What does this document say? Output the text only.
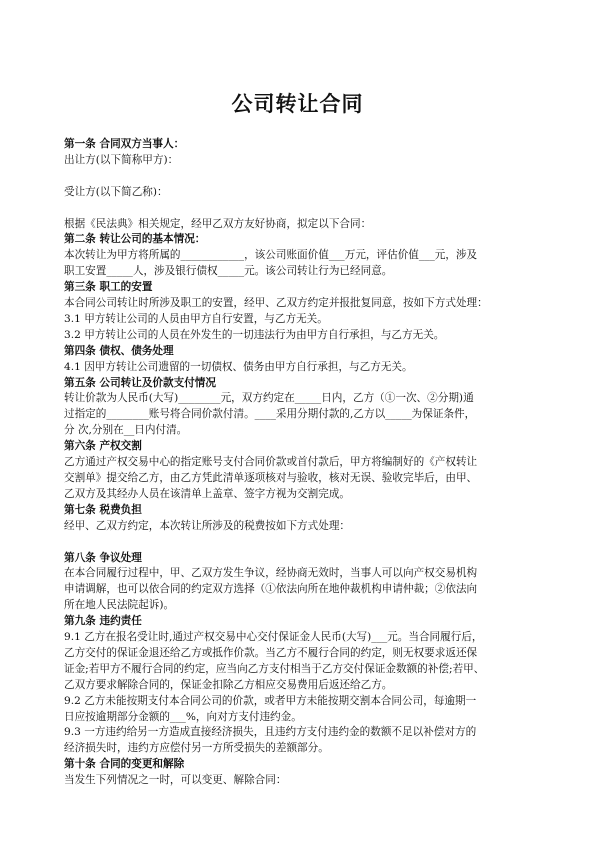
公司转让合同

第一条 合同双方当事人：

出让方(以下简称甲方)：

受让方(以下简乙称)：

根据《民法典》相关规定，经甲乙双方友好协商，拟定以下合同：

第二条 转让公司的基本情况：

本次转让为甲方将所属的____________，该公司账面价值___万元，评估价值___元，涉及

职工安置_____人，涉及银行债权_____元。该公司转让行为已经同意。

第三条 职工的安置

本合同公司转让时所涉及职工的安置，经甲、乙双方约定并报批复同意，按如下方式处理：

3.1 甲方转让公司的人员由甲方自行安置，与乙方无关。

3.2 甲方转让公司的人员在外发生的一切违法行为由甲方自行承担，与乙方无关。

第四条 债权、债务处理

4.1 因甲方转让公司遗留的一切债权、债务由甲方自行承担，与乙方无关。

第五条 公司转让及价款支付情况

转让价款为人民币(大写)________元，双方约定在_____日内，乙方（①一次、②分期)通

过指定的________账号将合同价款付清。____采用分期付款的,乙方以_____为保证条件，

分 次,分别在__日内付清。

第六条 产权交割

乙方通过产权交易中心的指定账号支付合同价款或首付款后，甲方将编制好的《产权转让

交割单》提交给乙方，由乙方凭此清单逐项核对与验收，核对无误、验收完毕后，由甲、

乙双方及其经办人员在该清单上盖章、签字方视为交割完成。

第七条 税费负担

经甲、乙双方约定，本次转让所涉及的税费按如下方式处理：

第八条 争议处理

在本合同履行过程中，甲、乙双方发生争议，经协商无效时，当事人可以向产权交易机构

申请调解，也可以依合同的约定双方选择（①依法向所在地仲裁机构申请仲裁；②依法向

所在地人民法院起诉)。

第九条 违约责任

9.1 乙方在报名受让时,通过产权交易中心交付保证金人民币(大写)___元。当合同履行后，

乙方交付的保证金退还给乙方或抵作价款。当乙方不履行合同的约定，则无权要求返还保

证金;若甲方不履行合同的约定，应当向乙方支付相当于乙方交付保证金数额的补偿;若甲、

乙双方要求解除合同的，保证金扣除乙方相应交易费用后返还给乙方。

9.2 乙方未能按期支付本合同公司的价款，或者甲方未能按期交割本合同公司，每逾期一

日应按逾期部分金额的___%，向对方支付违约金。

9.3 一方违约给另一方造成直接经济损失，且违约方支付违约金的数额不足以补偿对方的

经济损失时，违约方应偿付另一方所受损失的差额部分。

第十条 合同的变更和解除

当发生下列情况之一时，可以变更、解除合同：
